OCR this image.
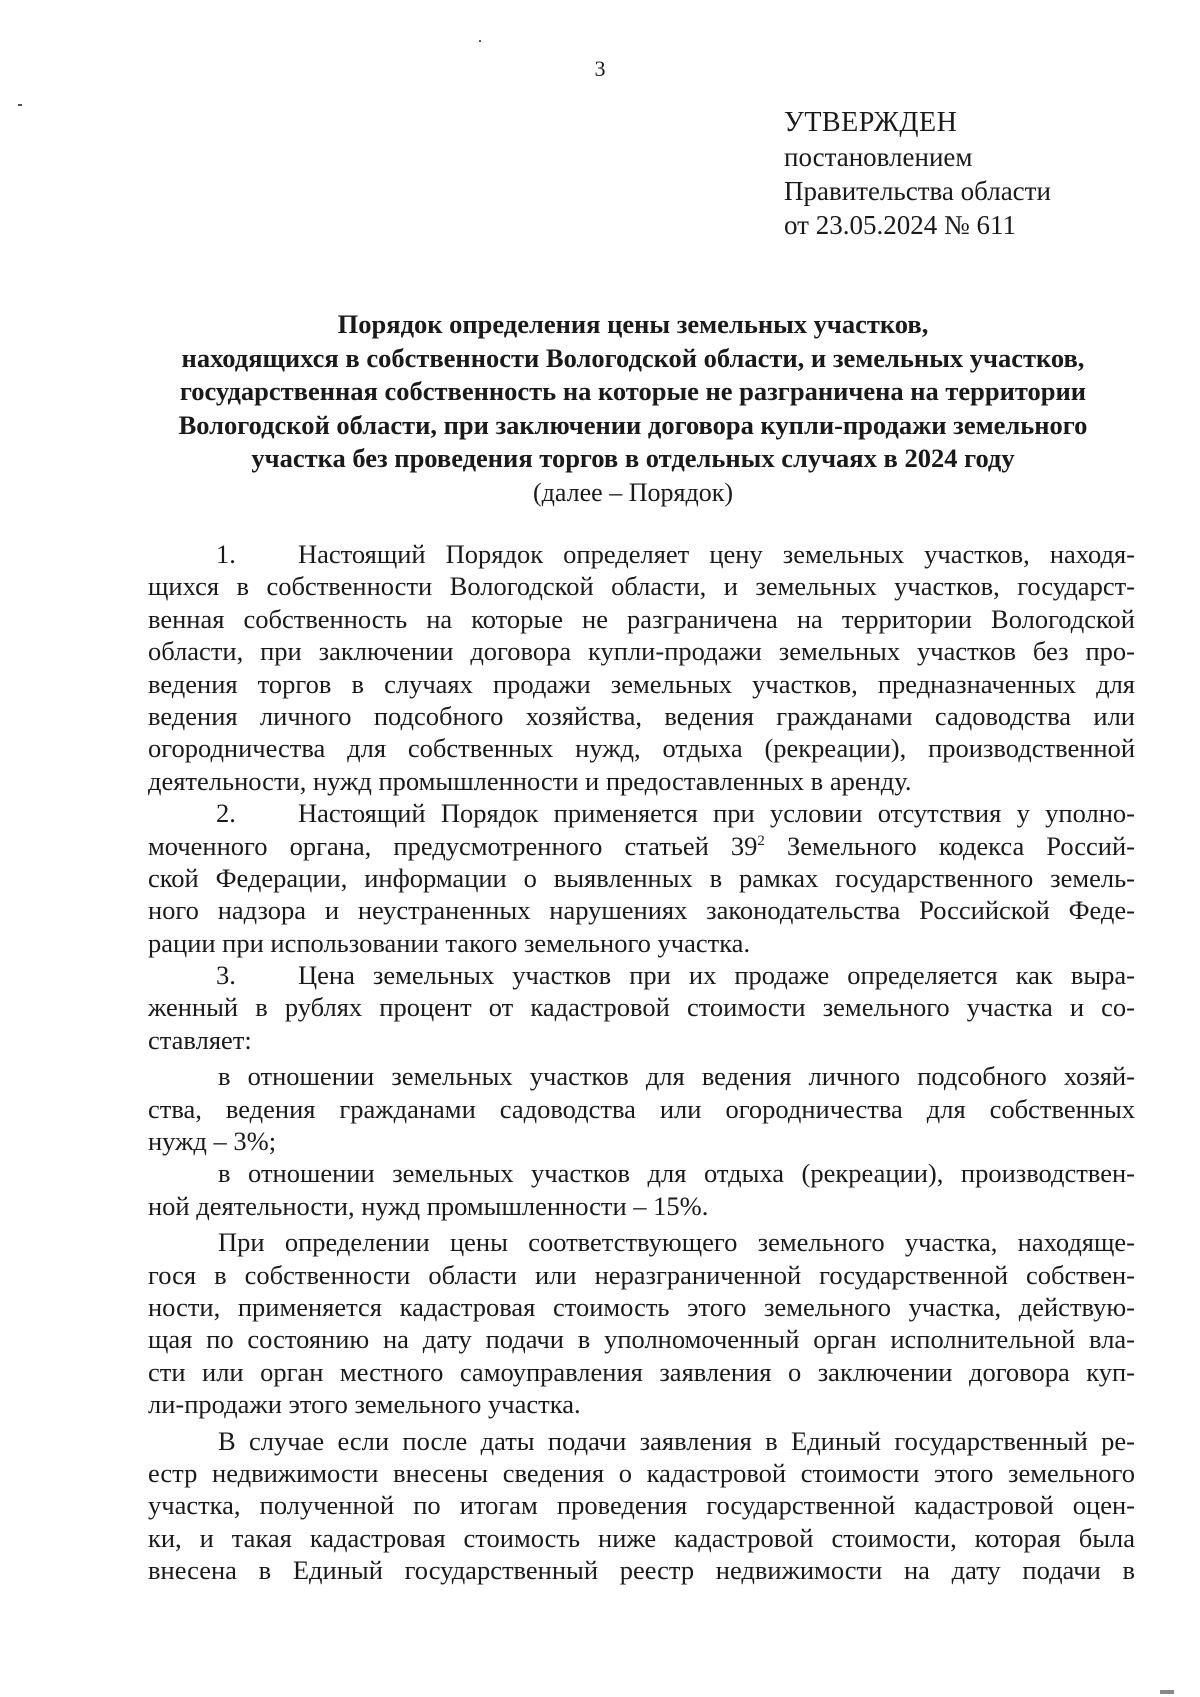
3
УТВЕРЖДЕН
постановлением
Правительства области
от 23.05.2024 № 611
Порядок определения цены земельных участков,
находящихся в собственности Вологодской области, и земельных участков,
государственная собственность на которые не разграничена на территории
Вологодской области, при заключении договора купли-продажи земельного
участка без проведения торгов в отдельных случаях в 2024 году
(далее – Порядок)
1. Настоящий Порядок определяет цену земельных участков, находя-
щихся в собственности Вологодской области, и земельных участков, государст-
венная собственность на которые не разграничена на территории Вологодской
области, при заключении договора купли-продажи земельных участков без про-
ведения торгов в случаях продажи земельных участков, предназначенных для
ведения личного подсобного хозяйства, ведения гражданами садоводства или
огородничества для собственных нужд, отдыха (рекреации), производственной
деятельности, нужд промышленности и предоставленных в аренду.
2. Настоящий Порядок применяется при условии отсутствия у уполно-
моченного органа, предусмотренного статьей $39^2$ Земельного кодекса Россий-
ской Федерации, информации о выявленных в рамках государственного земель-
ного надзора и неустраненных нарушениях законодательства Российской Феде-
рации при использовании такого земельного участка.
3. Цена земельных участков при их продаже определяется как выра-
женный в рублях процент от кадастровой стоимости земельного участка и со-
ставляет:
в отношении земельных участков для ведения личного подсобного хозяй-
ства, ведения гражданами садоводства или огородничества для собственных
нужд – 3%;
в отношении земельных участков для отдыха (рекреации), производствен-
ной деятельности, нужд промышленности – 15%.
При определении цены соответствующего земельного участка, находяще-
гося в собственности области или неразграниченной государственной собствен-
ности, применяется кадастровая стоимость этого земельного участка, действую-
щая по состоянию на дату подачи в уполномоченный орган исполнительной вла-
сти или орган местного самоуправления заявления о заключении договора куп-
ли-продажи этого земельного участка.
В случае если после даты подачи заявления в Единый государственный ре-
естр недвижимости внесены сведения о кадастровой стоимости этого земельного
участка, полученной по итогам проведения государственной кадастровой оцен-
ки, и такая кадастровая стоимость ниже кадастровой стоимости, которая была
внесена в Единый государственный реестр недвижимости на дату подачи в
